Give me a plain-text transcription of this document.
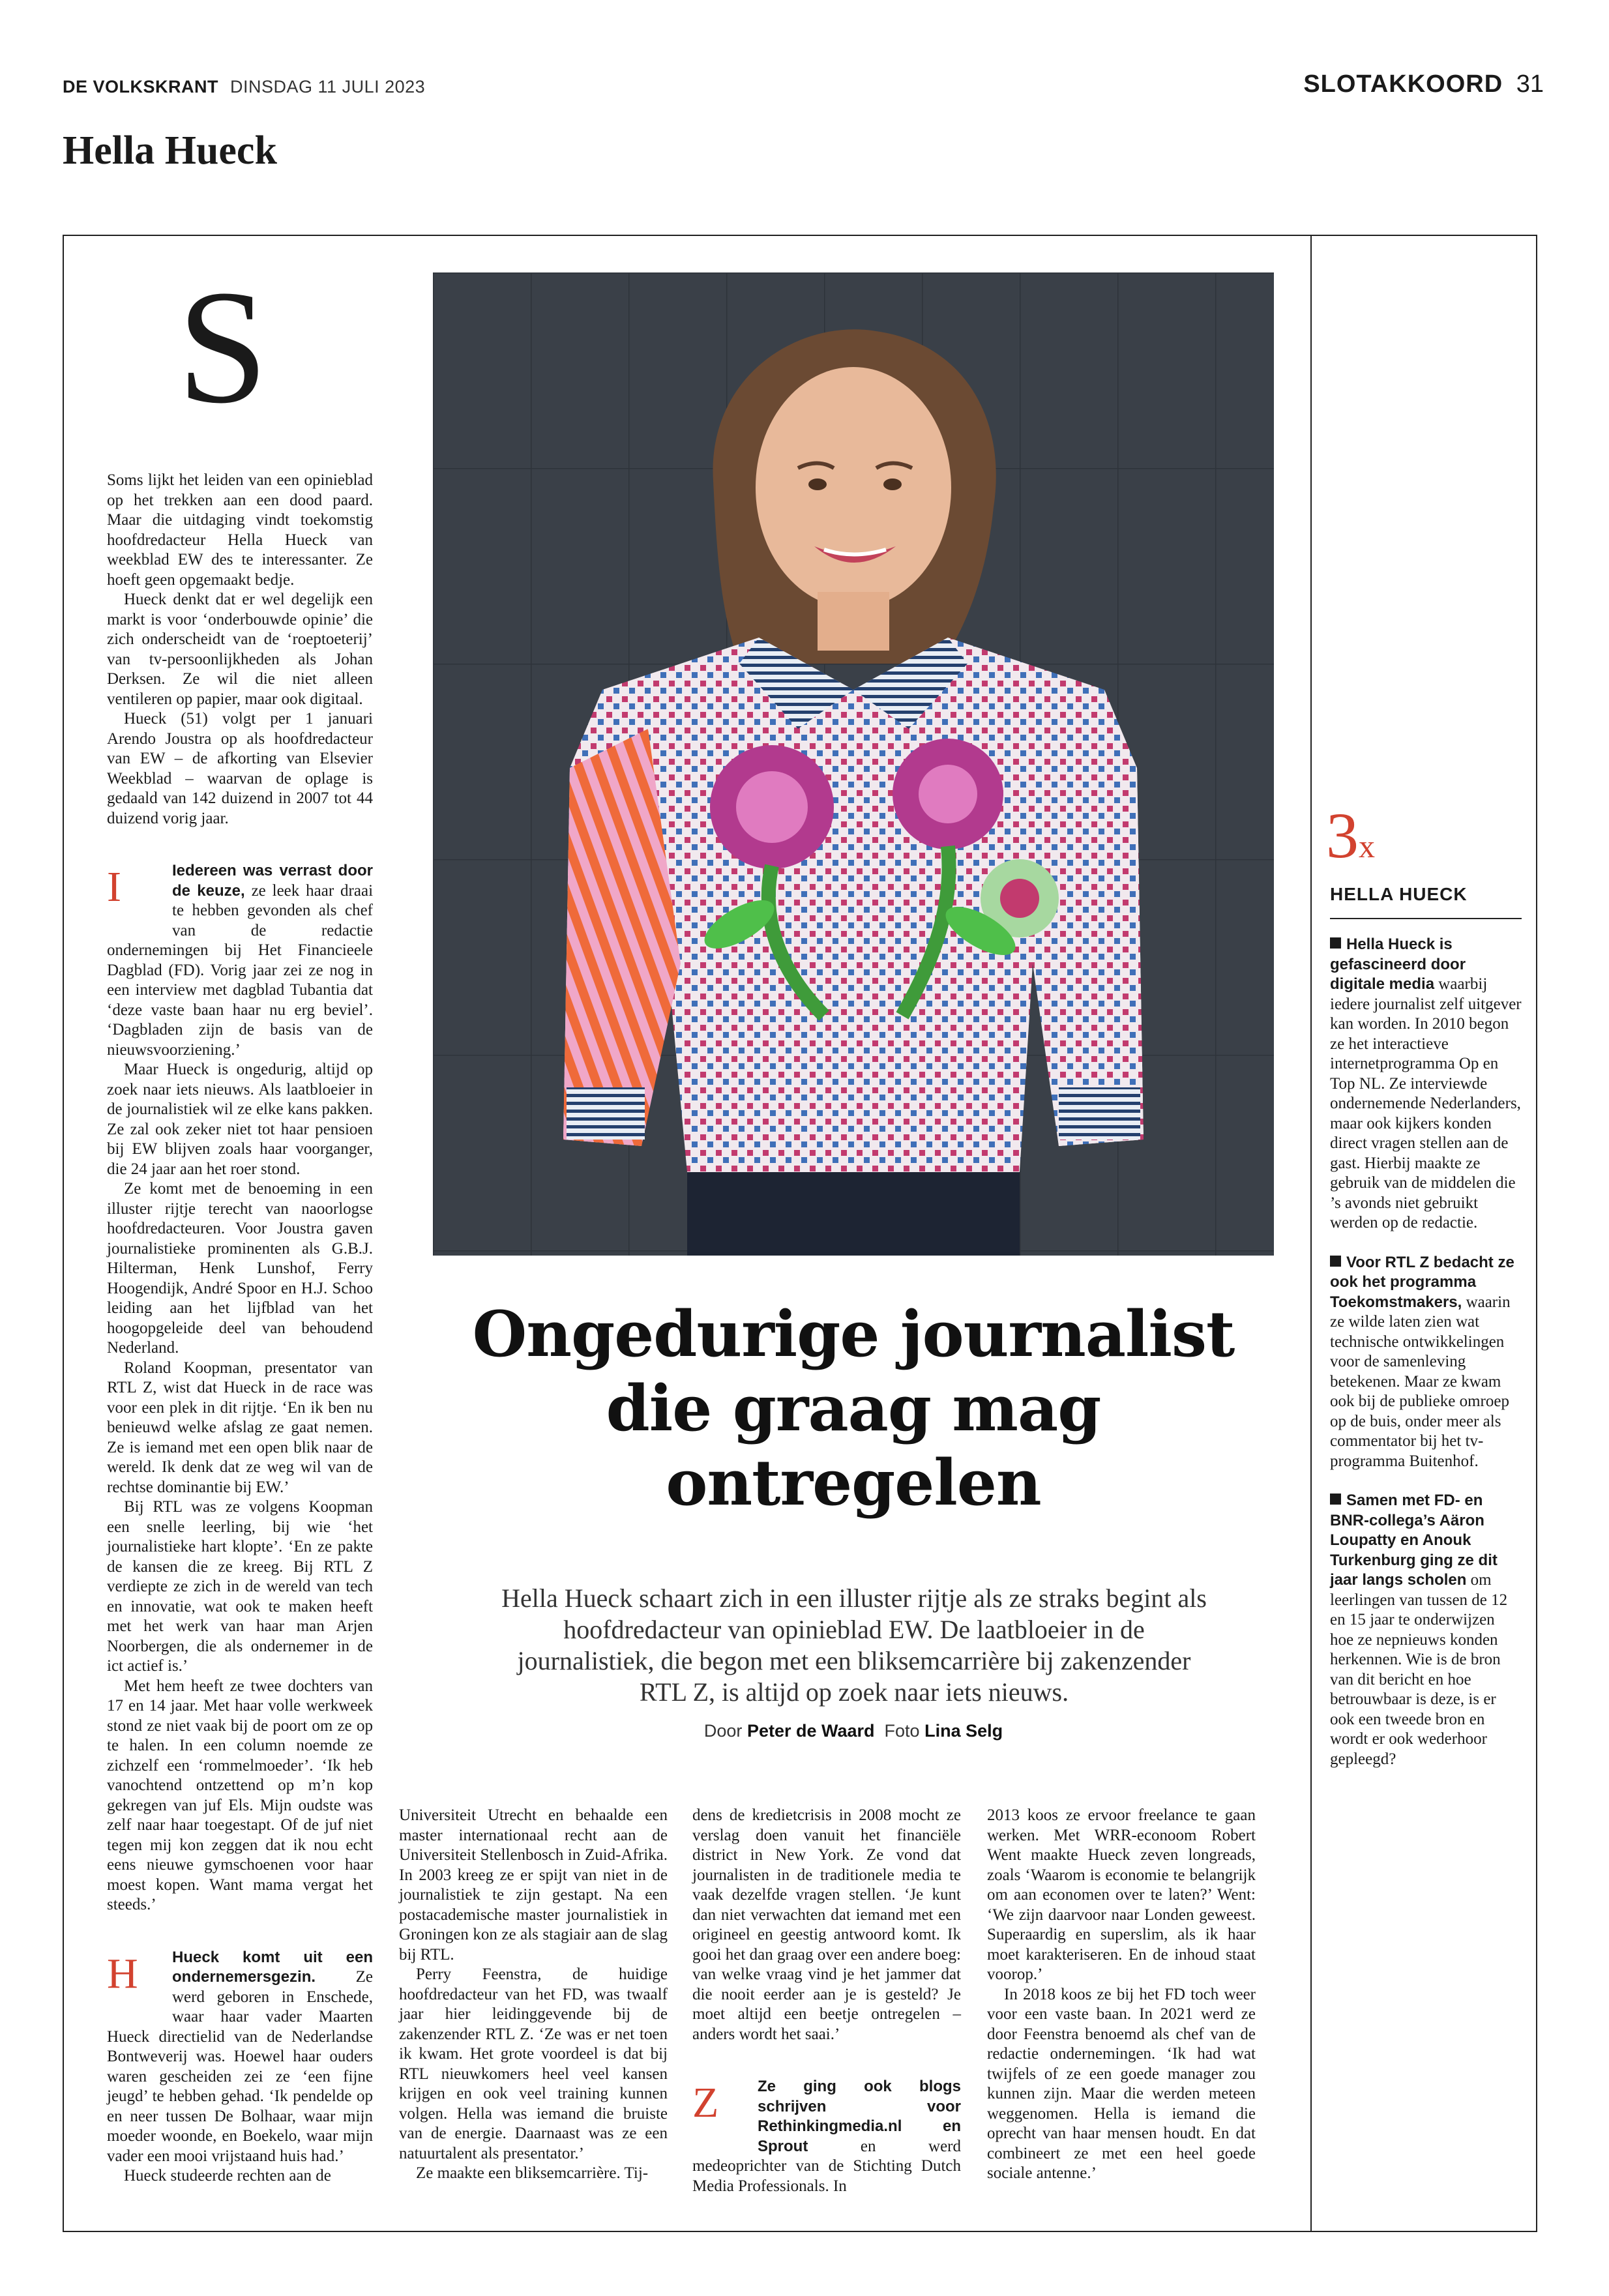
DE VOLKSKRANT DINSDAG 11 JULI 2023	SLOTAKKOORD 31
Hella Hueck
S

Soms lijkt het leiden van een opinieblad op het trekken aan een dood paard. Maar die uitdaging vindt toekomstig hoofdredacteur Hella Hueck van weekblad EW des te interessanter. Ze hoeft geen opgemaakt bedje.

Hueck denkt dat er wel degelijk een markt is voor ‘onderbouwde opinie’ die zich onderscheidt van de ‘roeptoeterij’ van tv-persoonlijkheden als Johan Derksen. Ze wil die niet alleen ventileren op papier, maar ook digitaal.

Hueck (51) volgt per 1 januari Arendo Joustra op als hoofdredacteur van EW – de afkorting van Elsevier Weekblad – waarvan de oplage is gedaald van 142 duizend in 2007 tot 44 duizend vorig jaar.

I	Iedereen was verrast door de keuze, ze leek haar draai te hebben gevonden als chef van de redactie ondernemingen bij Het Financieele Dagblad (FD). Vorig jaar zei ze nog in een interview met dagblad Tubantia dat ‘deze vaste baan haar nu erg beviel’. ‘Dagbladen zijn de basis van de nieuwsvoorziening.’

Maar Hueck is ongedurig, altijd op zoek naar iets nieuws. Als laatbloeier in de journalistiek wil ze elke kans pakken. Ze zal ook zeker niet tot haar pensioen bij EW blijven zoals haar voorganger, die 24 jaar aan het roer stond.

Ze komt met de benoeming in een illuster rijtje terecht van naoorlogse hoofdredacteuren. Voor Joustra gaven journalistieke prominenten als G.B.J. Hilterman, Henk Lunshof, Ferry Hoogendijk, André Spoor en H.J. Schoo leiding aan het lijfblad van het hoogopgeleide deel van behoudend Nederland.

Roland Koopman, presentator van RTL Z, wist dat Hueck in de race was voor een plek in dit rijtje. ‘En ik ben nu benieuwd welke afslag ze gaat nemen. Ze is iemand met een open blik naar de wereld. Ik denk dat ze weg wil van de rechtse dominantie bij EW.’

Bij RTL was ze volgens Koopman een snelle leerling, bij wie ‘het journalistieke hart klopte’. ‘En ze pakte de kansen die ze kreeg. Bij RTL Z verdiepte ze zich in de wereld van tech en innovatie, wat ook te maken heeft met het werk van haar man Arjen Noorbergen, die als ondernemer in de ict actief is.’

Met hem heeft ze twee dochters van 17 en 14 jaar. Met haar volle werkweek stond ze niet vaak bij de poort om ze op te halen. In een column noemde ze zichzelf een ‘rommelmoeder’. ‘Ik heb vanochtend ontzettend op m’n kop gekregen van juf Els. Mijn oudste was zelf naar haar toegestapt. Of de juf niet tegen mij kon zeggen dat ik nou echt eens nieuwe gymschoenen voor haar moest kopen. Want mama vergat het steeds.’

H	Hueck komt uit een ondernemersgezin. Ze werd geboren in Enschede, waar haar vader Maarten Hueck directielid van de Nederlandse Bontweverij was. Hoewel haar ouders waren gescheiden zei ze ‘een fijne jeugd’ te hebben gehad. ‘Ik pendelde op en neer tussen De Bolhaar, waar mijn moeder woonde, en Boekelo, waar mijn vader een mooi vrijstaand huis had.’

Hueck studeerde rechten aan de

Ongedurige journalist die graag mag ontregelen
Hella Hueck schaart zich in een illuster rijtje als ze straks begint als hoofdredacteur van opinieblad EW. De laatbloeier in de journalistiek, die begon met een bliksemcarrière bij zakenzender RTL Z, is altijd op zoek naar iets nieuws.
Door Peter de Waard Foto Lina Selg

Universiteit Utrecht en behaalde een master internationaal recht aan de Universiteit Stellenbosch in Zuid-Afrika. In 2003 kreeg ze er spijt van niet in de journalistiek te zijn gestapt. Na een postacademische master journalistiek in Groningen kon ze als stagiair aan de slag bij RTL.

Perry Feenstra, de huidige hoofdredacteur van het FD, was twaalf jaar hier leidinggevende bij de zakenzender RTL Z. ‘Ze was er net toen ik kwam. Het grote voordeel is dat bij RTL nieuwkomers heel veel kansen krijgen en ook veel training kunnen volgen. Hella was iemand die bruiste van de energie. Daarnaast was ze een natuurtalent als presentator.’

Ze maakte een bliksemcarrière. Tij-

dens de kredietcrisis in 2008 mocht ze verslag doen vanuit het financiële district in New York. Ze vond dat journalisten in de traditionele media te vaak dezelfde vragen stellen. ‘Je kunt dan niet verwachten dat iemand met een origineel en geestig antwoord komt. Ik gooi het dan graag over een andere boeg: van welke vraag vind je het jammer dat die nooit eerder aan je is gesteld? Je moet altijd een beetje ontregelen – anders wordt het saai.’

Z	Ze ging ook blogs schrijven voor Rethinkingmedia.nl en Sprout en werd medeoprichter van de Stichting Dutch Media Professionals. In

2013 koos ze ervoor freelance te gaan werken. Met WRR-econoom Robert Went maakte Hueck zeven longreads, zoals ‘Waarom is economie te belangrijk om aan economen over te laten?’ Went: ‘We zijn daarvoor naar Londen geweest. Superaardig en superslim, als ik haar moet karakteriseren. En de inhoud staat voorop.’

In 2018 koos ze bij het FD toch weer voor een vaste baan. In 2021 werd ze door Feenstra benoemd als chef van de redactie ondernemingen. ‘Ik had wat twijfels of ze een goede manager zou kunnen zijn. Maar die werden meteen weggenomen. Hella is iemand die oprecht van haar mensen houdt. En dat combineert ze met een heel goede sociale antenne.’

3x
HELLA HUECK
Hella Hueck is gefascineerd door digitale media waarbij iedere journalist zelf uitgever kan worden. In 2010 begon ze het interactieve internetprogramma Op en Top NL. Ze interviewde ondernemende Nederlanders, maar ook kijkers konden direct vragen stellen aan de gast. Hierbij maakte ze gebruik van de middelen die ’s avonds niet gebruikt werden op de redactie.
Voor RTL Z bedacht ze ook het programma Toekomstmakers, waarin ze wilde laten zien wat technische ontwikkelingen voor de samenleving betekenen. Maar ze kwam ook bij de publieke omroep op de buis, onder meer als commentator bij het tv-programma Buitenhof.
Samen met FD- en BNR-collega’s Aäron Loupatty en Anouk Turkenburg ging ze dit jaar langs scholen om leerlingen van tussen de 12 en 15 jaar te onderwijzen hoe ze nepnieuws konden herkennen. Wie is de bron van dit bericht en hoe betrouwbaar is deze, is er ook een tweede bron en wordt er ook wederhoor gepleegd?
